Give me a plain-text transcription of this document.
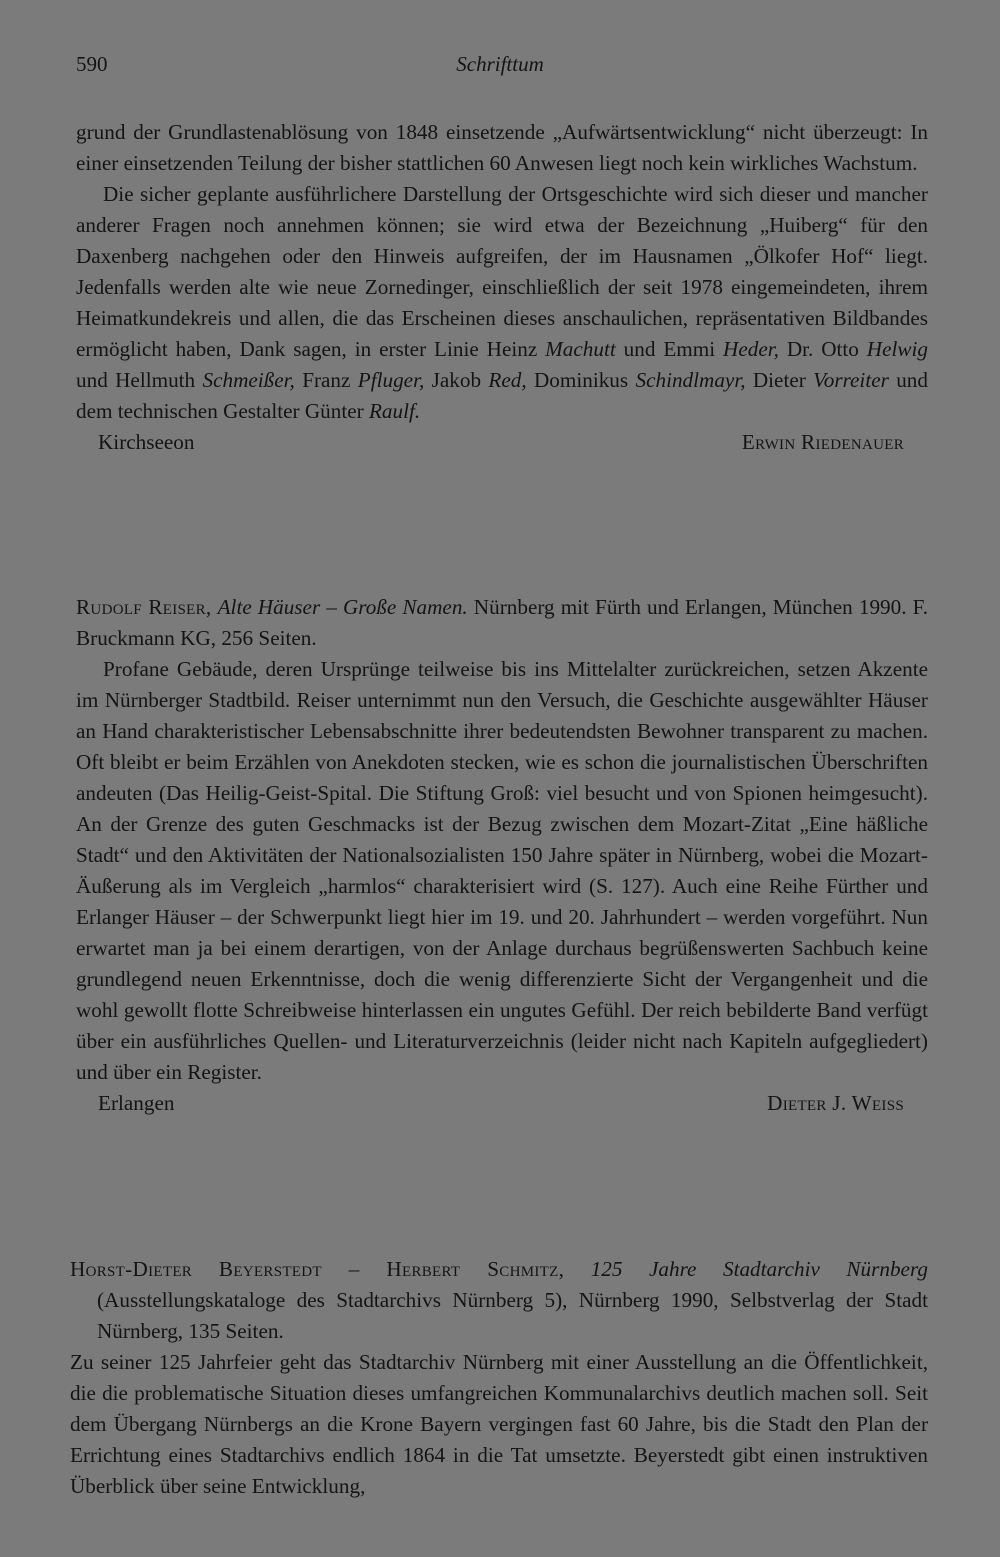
590	Schrifttum

grund der Grundlastenablösung von 1848 einsetzende „Aufwärtsentwicklung“ nicht überzeugt: In einer einsetzenden Teilung der bisher stattlichen 60 Anwesen liegt noch kein wirkliches Wachstum.

Die sicher geplante ausführlichere Darstellung der Ortsgeschichte wird sich dieser und mancher anderer Fragen noch annehmen können; sie wird etwa der Bezeichnung „Huiberg“ für den Daxenberg nachgehen oder den Hinweis aufgreifen, der im Hausnamen „Ölkofer Hof“ liegt. Jedenfalls werden alte wie neue Zornedinger, einschließlich der seit 1978 eingemeindeten, ihrem Heimatkundekreis und allen, die das Erscheinen dieses anschaulichen, repräsentativen Bildbandes ermöglicht haben, Dank sagen, in erster Linie Heinz Machutt und Emmi Heder, Dr. Otto Helwig und Hellmuth Schmeißer, Franz Pfluger, Jakob Red, Dominikus Schindlmayr, Dieter Vorreiter und dem technischen Gestalter Günter Raulf.

Kirchseeon	Erwin Riedenauer

Rudolf Reiser, Alte Häuser – Große Namen. Nürnberg mit Fürth und Erlangen, München 1990. F. Bruckmann KG, 256 Seiten.

Profane Gebäude, deren Ursprünge teilweise bis ins Mittelalter zurückreichen, setzen Akzente im Nürnberger Stadtbild. Reiser unternimmt nun den Versuch, die Geschichte ausgewählter Häuser an Hand charakteristischer Lebensabschnitte ihrer bedeutendsten Bewohner transparent zu machen. Oft bleibt er beim Erzählen von Anekdoten stecken, wie es schon die journalistischen Überschriften andeuten (Das Heilig-Geist-Spital. Die Stiftung Groß: viel besucht und von Spionen heimgesucht). An der Grenze des guten Geschmacks ist der Bezug zwischen dem Mozart-Zitat „Eine häßliche Stadt“ und den Aktivitäten der Nationalsozialisten 150 Jahre später in Nürnberg, wobei die Mozart-Äußerung als im Vergleich „harmlos“ charakterisiert wird (S. 127). Auch eine Reihe Fürther und Erlanger Häuser – der Schwerpunkt liegt hier im 19. und 20. Jahrhundert – werden vorgeführt. Nun erwartet man ja bei einem derartigen, von der Anlage durchaus begrüßenswerten Sachbuch keine grundlegend neuen Erkenntnisse, doch die wenig differenzierte Sicht der Vergangenheit und die wohl gewollt flotte Schreibweise hinterlassen ein ungutes Gefühl. Der reich bebilderte Band verfügt über ein ausführliches Quellen- und Literaturverzeichnis (leider nicht nach Kapiteln aufgegliedert) und über ein Register.

Erlangen	Dieter J. Weiss

Horst-Dieter Beyerstedt – Herbert Schmitz, 125 Jahre Stadtarchiv Nürnberg (Ausstellungskataloge des Stadtarchivs Nürnberg 5), Nürnberg 1990, Selbstverlag der Stadt Nürnberg, 135 Seiten.

Zu seiner 125 Jahrfeier geht das Stadtarchiv Nürnberg mit einer Ausstellung an die Öffentlichkeit, die die problematische Situation dieses umfangreichen Kommunalarchivs deutlich machen soll. Seit dem Übergang Nürnbergs an die Krone Bayern vergingen fast 60 Jahre, bis die Stadt den Plan der Errichtung eines Stadtarchivs endlich 1864 in die Tat umsetzte. Beyerstedt gibt einen instruktiven Überblick über seine Entwicklung,
